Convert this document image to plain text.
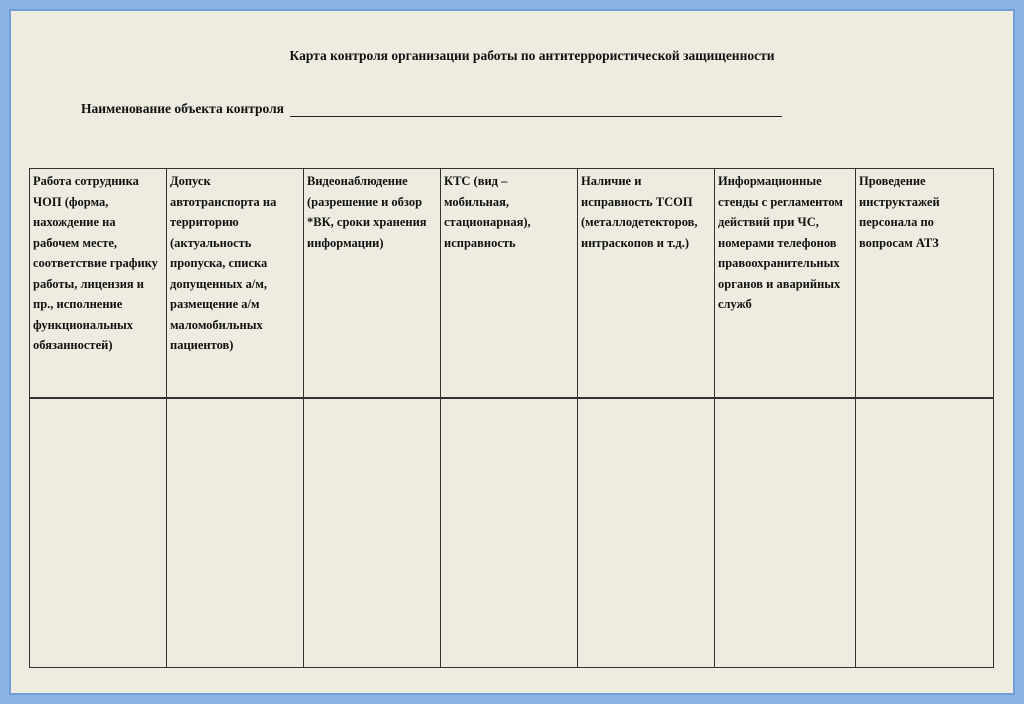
Карта контроля организации работы по антитеррористической защищенности
Наименование объекта контроля
Работа сотрудника ЧОП (форма, нахождение на рабочем месте, соответствие графику работы, лицензия и пр., исполнение функциональных обязанностей)	Допуск автотранспорта на территорию (актуальность пропуска, списка допущенных а/м, размещение а/м маломобильных пациентов)	Видеонаблюдение (разрешение и обзор *ВК, сроки хранения информации)	КТС (вид – мобильная, стационарная), исправность	Наличие и исправность ТСОП (металлодетекторов, интраскопов и т.д.)	Информационные стенды с регламентом действий при ЧС, номерами телефонов правоохранительных органов и аварийных служб	Проведение инструктажей персонала по вопросам АТЗ
